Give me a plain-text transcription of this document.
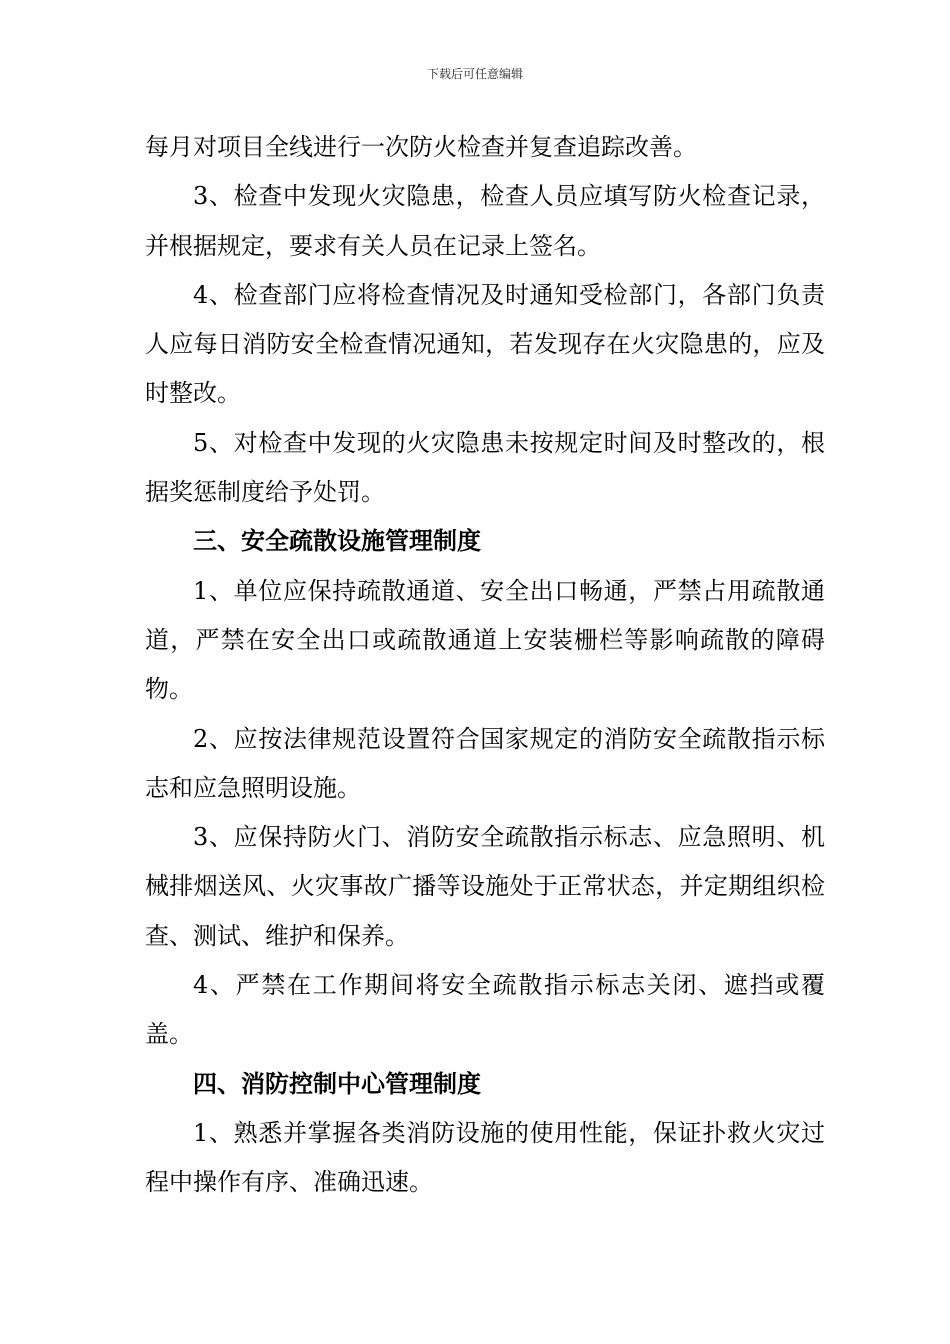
下载后可任意编辑

每月对项目全线进行一次防火检查并复查追踪改善。

3、检查中发现火灾隐患，检查人员应填写防火检查记录，并根据规定，要求有关人员在记录上签名。

4、检查部门应将检查情况及时通知受检部门，各部门负责人应每日消防安全检查情况通知，若发现存在火灾隐患的，应及时整改。

5、对检查中发现的火灾隐患未按规定时间及时整改的，根据奖惩制度给予处罚。

三、安全疏散设施管理制度

1、单位应保持疏散通道、安全出口畅通，严禁占用疏散通道，严禁在安全出口或疏散通道上安装栅栏等影响疏散的障碍物。

2、应按法律规范设置符合国家规定的消防安全疏散指示标志和应急照明设施。

3、应保持防火门、消防安全疏散指示标志、应急照明、机械排烟送风、火灾事故广播等设施处于正常状态，并定期组织检查、测试、维护和保养。

4、严禁在工作期间将安全疏散指示标志关闭、遮挡或覆盖。

四、消防控制中心管理制度

1、熟悉并掌握各类消防设施的使用性能，保证扑救火灾过程中操作有序、准确迅速。
